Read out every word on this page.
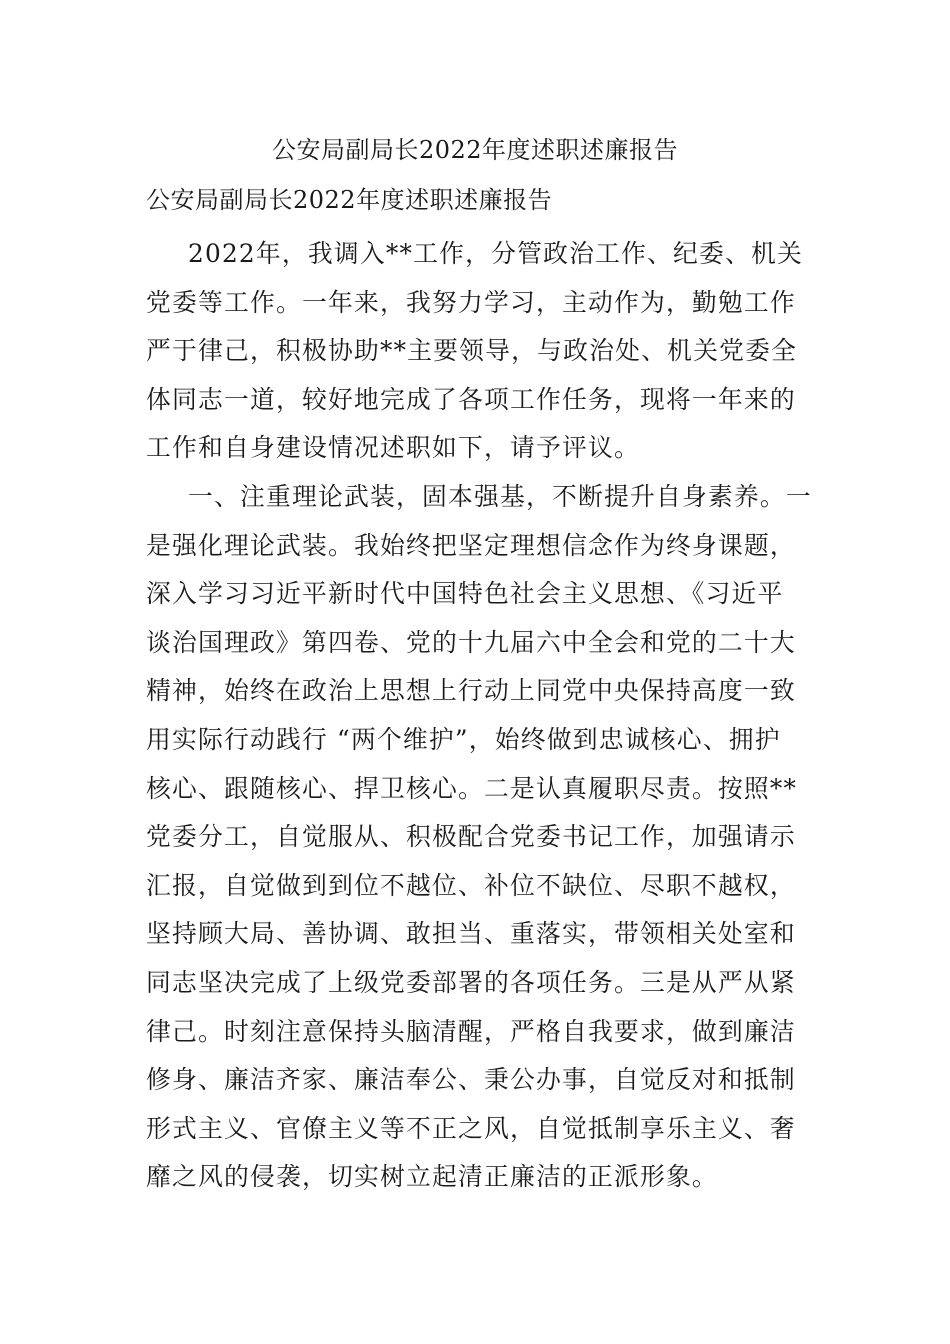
公安局副局长2022年度述职述廉报告
公安局副局长2022年度述职述廉报告

2022年，我调入**工作，分管政治工作、纪委、机关
党委等工作。一年来，我努力学习，主动作为，勤勉工作
严于律己，积极协助**主要领导，与政治处、机关党委全
体同志一道，较好地完成了各项工作任务，现将一年来的
工作和自身建设情况述职如下，请予评议。

一、注重理论武装，固本强基，不断提升自身素养。一
是强化理论武装。我始终把坚定理想信念作为终身课题，
深入学习习近平新时代中国特色社会主义思想、《习近平
谈治国理政》第四卷、党的十九届六中全会和党的二十大
精神，始终在政治上思想上行动上同党中央保持高度一致
用实际行动践行 “两个维护”，始终做到忠诚核心、拥护
核心、跟随核心、捍卫核心。二是认真履职尽责。按照**
党委分工，自觉服从、积极配合党委书记工作，加强请示
汇报，自觉做到到位不越位、补位不缺位、尽职不越权，
坚持顾大局、善协调、敢担当、重落实，带领相关处室和
同志坚决完成了上级党委部署的各项任务。三是从严从紧
律己。时刻注意保持头脑清醒，严格自我要求，做到廉洁
修身、廉洁齐家、廉洁奉公、秉公办事，自觉反对和抵制
形式主义、官僚主义等不正之风，自觉抵制享乐主义、奢
靡之风的侵袭，切实树立起清正廉洁的正派形象。
